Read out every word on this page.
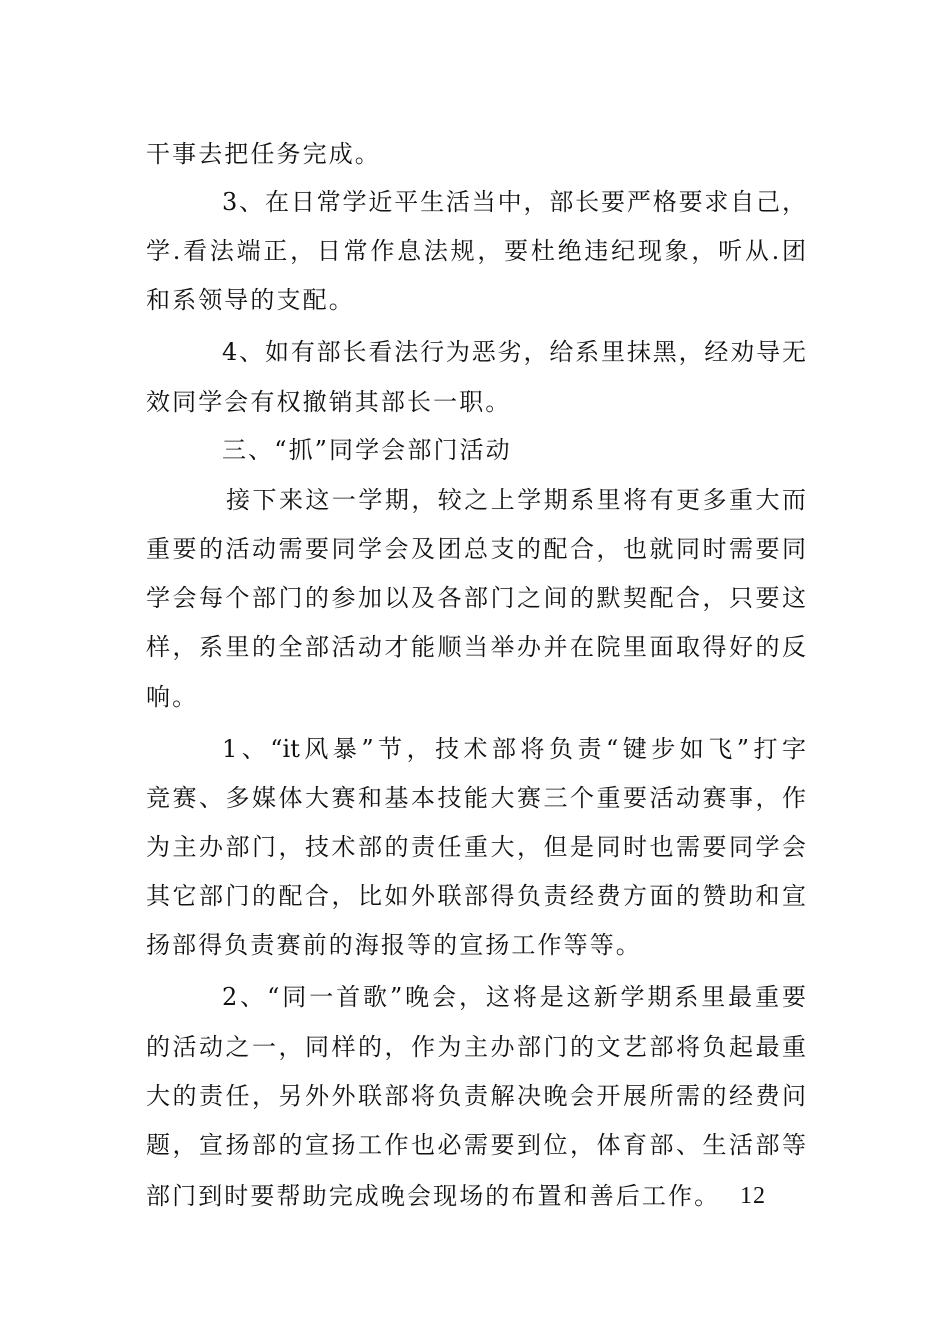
干事去把任务完成。
3、在日常学近平生活当中，部长要严格要求自己，
学.看法端正，日常作息法规，要杜绝违纪现象，听从.团
和系领导的支配。
4、如有部长看法行为恶劣，给系里抹黑，经劝导无
效同学会有权撤销其部长一职。
三、“抓”同学会部门活动
接下来这一学期，较之上学期系里将有更多重大而
重要的活动需要同学会及团总支的配合，也就同时需要同
学会每个部门的参加以及各部门之间的默契配合，只要这
样，系里的全部活动才能顺当举办并在院里面取得好的反
响。
1、“it风暴”节，技术部将负责“键步如飞”打字
竞赛、多媒体大赛和基本技能大赛三个重要活动赛事，作
为主办部门，技术部的责任重大，但是同时也需要同学会
其它部门的配合，比如外联部得负责经费方面的赞助和宣
扬部得负责赛前的海报等的宣扬工作等等。
2、“同一首歌”晚会，这将是这新学期系里最重要
的活动之一，同样的，作为主办部门的文艺部将负起最重
大的责任，另外外联部将负责解决晚会开展所需的经费问
题，宣扬部的宣扬工作也必需要到位，体育部、生活部等
部门到时要帮助完成晚会现场的布置和善后工作。 12
